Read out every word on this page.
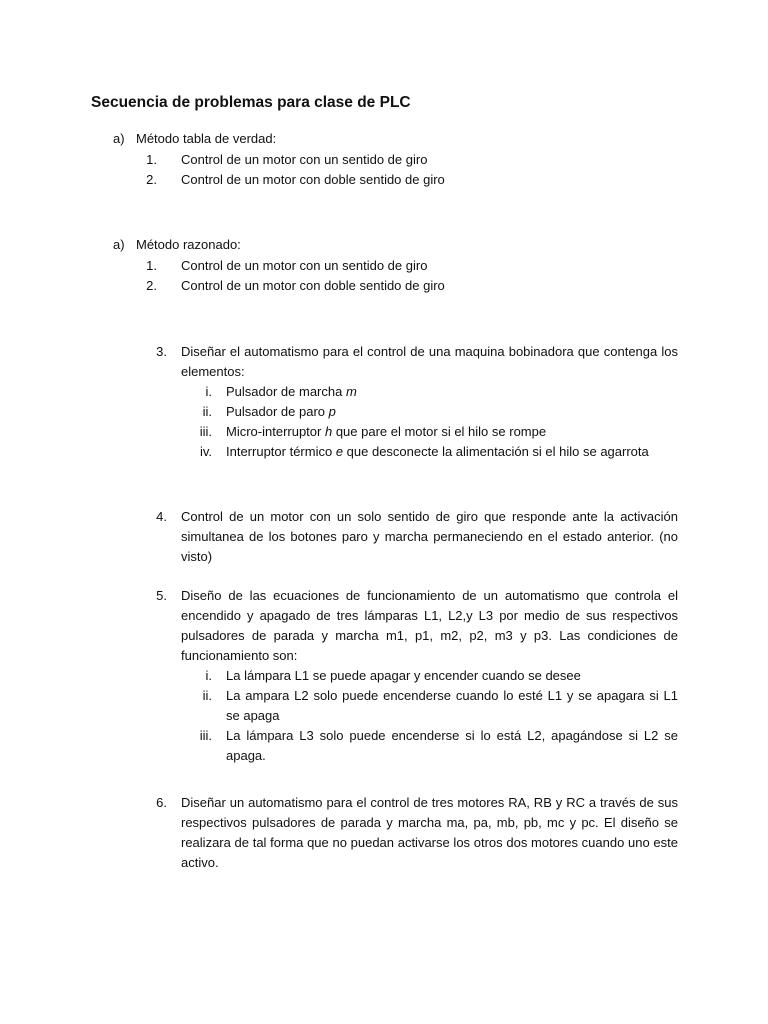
Secuencia de problemas para clase de PLC
a) Método tabla de verdad:
1. Control de un motor con un sentido de giro
2. Control de un motor con doble sentido de giro
a) Método razonado:
1. Control de un motor con un sentido de giro
2. Control de un motor con doble sentido de giro
3. Diseñar el automatismo para el control de una maquina bobinadora que contenga los elementos:
i. Pulsador de marcha m
ii. Pulsador de paro p
iii. Micro-interruptor h que pare el motor si el hilo se rompe
iv. Interruptor térmico e que desconecte la alimentación si el hilo se agarrota
4. Control de un motor con un solo sentido de giro que responde ante la activación simultanea de los botones paro y marcha permaneciendo en el estado anterior. (no visto)
5. Diseño de las ecuaciones de funcionamiento de un automatismo que controla el encendido y apagado de tres lámparas L1, L2,y L3 por medio de sus respectivos pulsadores de parada y marcha m1, p1, m2, p2, m3 y p3. Las condiciones de funcionamiento son:
i. La lámpara L1 se puede apagar y encender cuando se desee
ii. La ampara L2 solo puede encenderse cuando lo esté L1 y se apagara si L1 se apaga
iii. La lámpara L3 solo puede encenderse si lo está L2, apagándose si L2 se apaga.
6. Diseñar un automatismo para el control de tres motores RA, RB y RC a través de sus respectivos pulsadores de parada y marcha ma, pa, mb, pb, mc y pc. El diseño se realizara de tal forma que no puedan activarse los otros dos motores cuando uno este activo.
